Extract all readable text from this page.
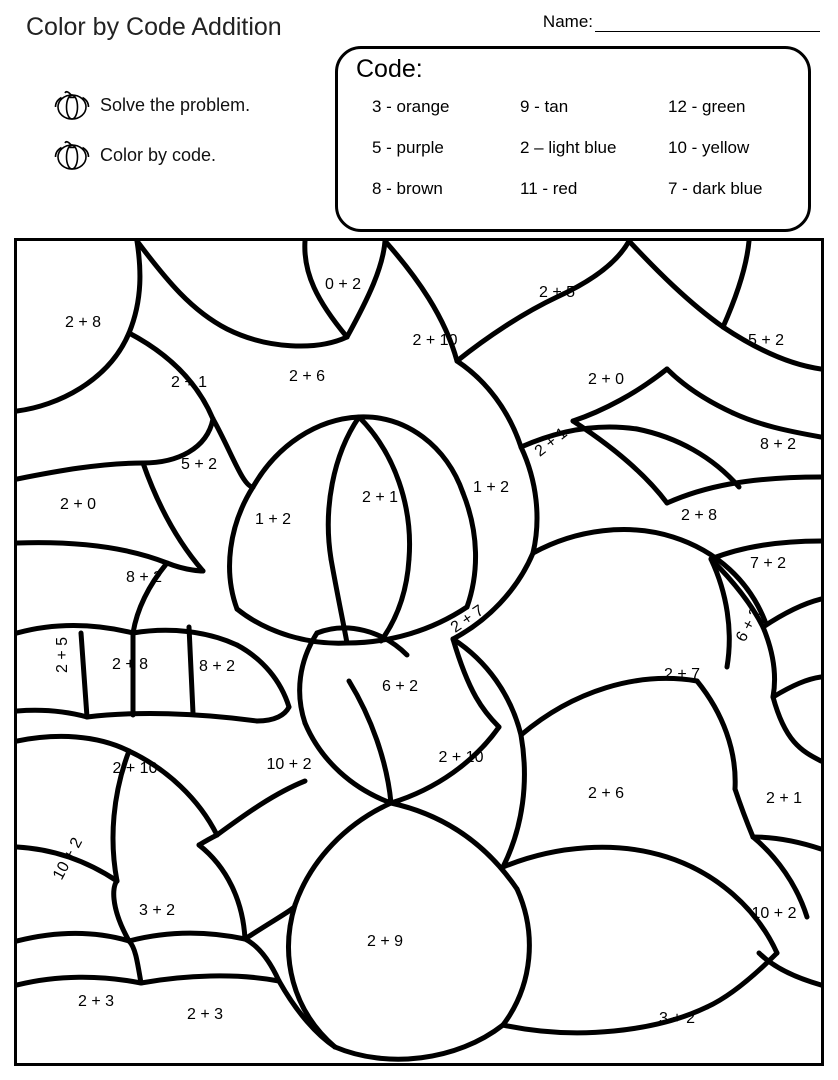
Color by Code Addition	Name:
Solve the problem.
Color by code.
Code:
3 - orange	9 - tan	12 - green
5 - purple	2 – light blue	10 - yellow
8 - brown	11 - red	7 - dark blue
2 + 8
0 + 2	2 + 5
2 + 1	2 + 6
2 + 10	5 + 2
2 + 0
5 + 2
2 + 1	8 + 2
2 + 0
1 + 2
2 + 1
1 + 2
2 + 8
8 + 2
7 + 2
6 + 2
2 + 5	2 + 8	8 + 2
2 + 7
6 + 2
2 + 7
2 + 10	10 + 2	2 + 10
2 + 6	2 + 1
10 + 2
3 + 2
2 + 9
10 + 2
2 + 3
2 + 3	3 + 2
